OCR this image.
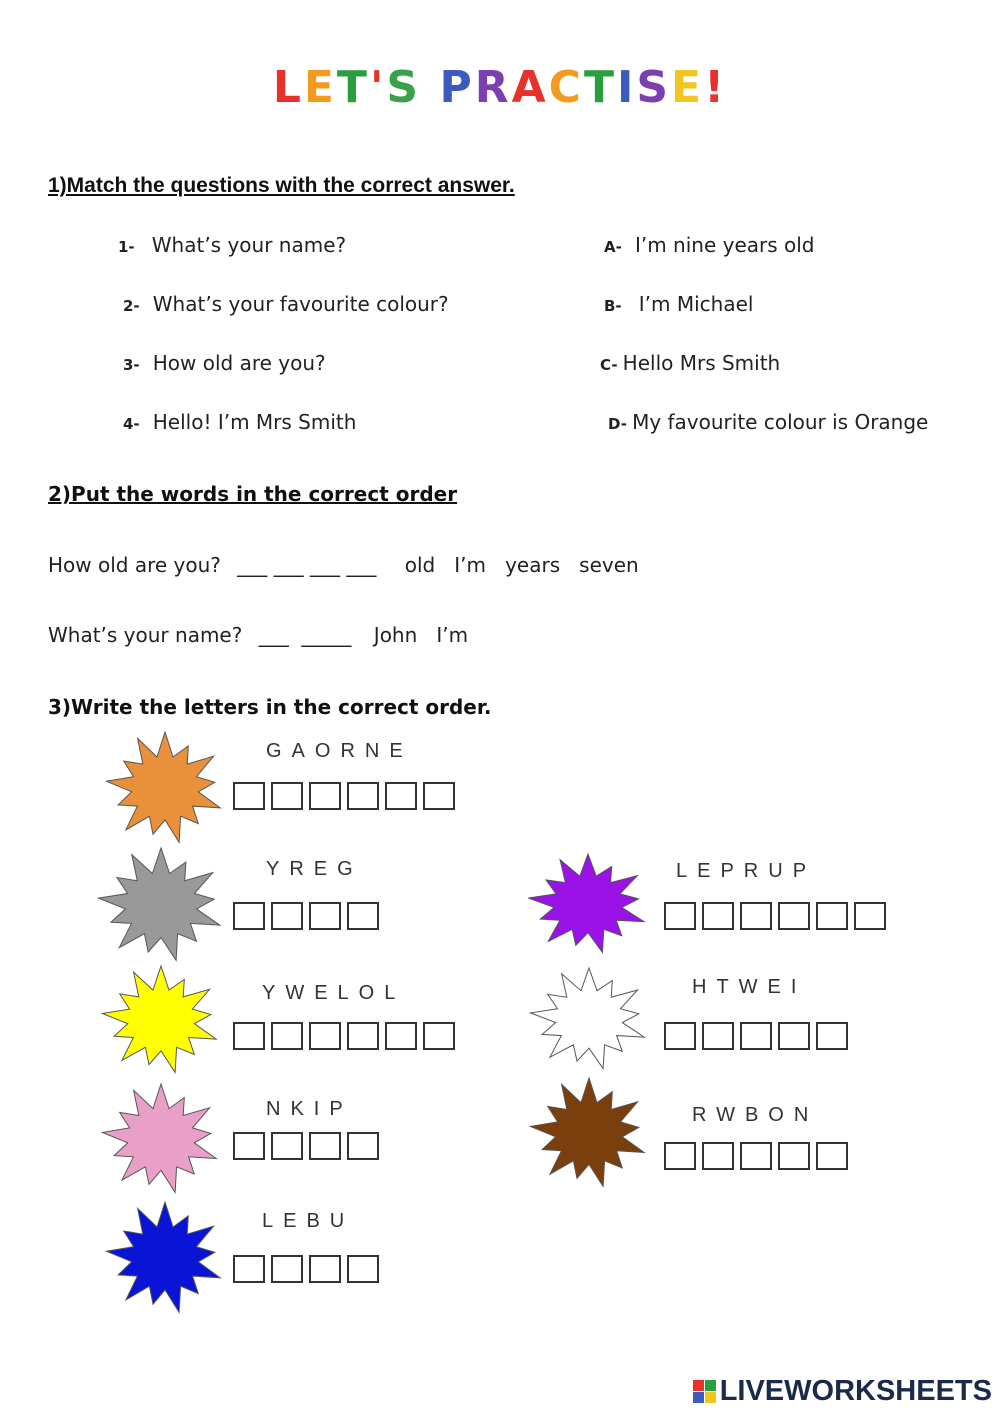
LET'S PRACTISE!
1)Match the questions with the correct answer.
1- What’s your name?
2- What’s your favourite colour?
3- How old are you?
4- Hello! I’m Mrs Smith
A- I’m nine years old
B- I’m Michael
C- Hello Mrs Smith
D- My favourite colour is Orange
2)Put the words in the correct order
How old are you? ___ ___ ___ ___ old   I’m   years   seven
What’s your name? ___  _____ John   I’m
3)Write the letters in the correct order.
GAORNE
YREG
YWELOL
NKIP
LEBU
LEPRUP
HTWEI
RWBON
LIVEWORKSHEETS
